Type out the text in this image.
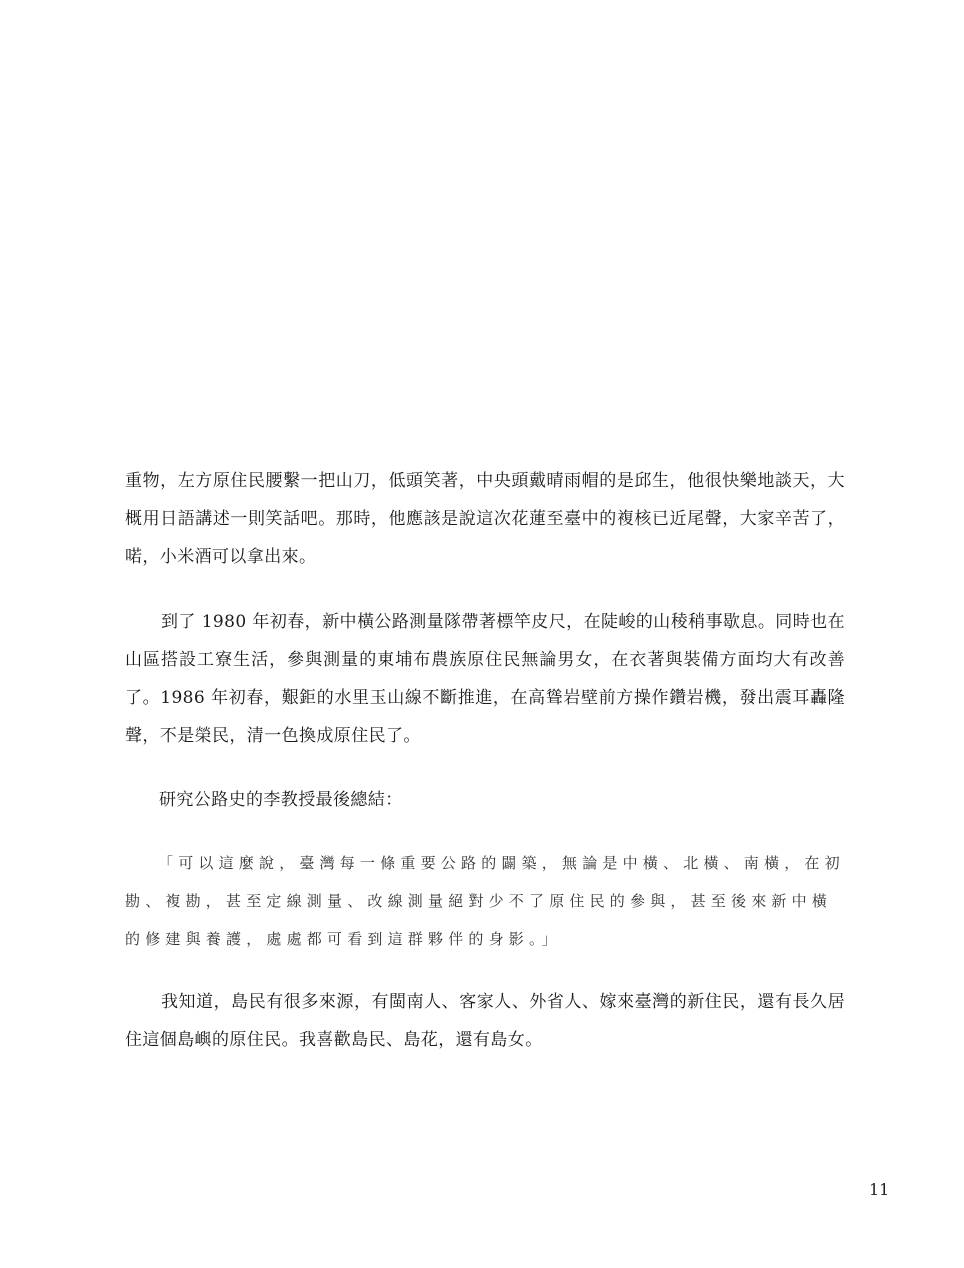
重物，左方原住民腰繫一把山刀，低頭笑著，中央頭戴晴雨帽的是邱生，他很快樂地談天，大概用日語講述一則笑話吧。那時，他應該是說這次花蓮至臺中的複核已近尾聲，大家辛苦了，喏，小米酒可以拿出來。

到了 1980 年初春，新中橫公路測量隊帶著標竿皮尺，在陡峻的山稜稍事歇息。同時也在山區搭設工寮生活，參與測量的東埔布農族原住民無論男女，在衣著與裝備方面均大有改善了。1986 年初春，艱鉅的水里玉山線不斷推進，在高聳岩壁前方操作鑽岩機，發出震耳轟隆聲，不是榮民，清一色換成原住民了。

研究公路史的李教授最後總結：

「可以這麼說，臺灣每一條重要公路的闢築，無論是中橫、北橫、南橫，在初勘、複勘，甚至定線測量、改線測量絕對少不了原住民的參與，甚至後來新中橫的修建與養護，處處都可看到這群夥伴的身影。」

我知道，島民有很多來源，有閩南人、客家人、外省人、嫁來臺灣的新住民，還有長久居住這個島嶼的原住民。我喜歡島民、島花，還有島女。

11
